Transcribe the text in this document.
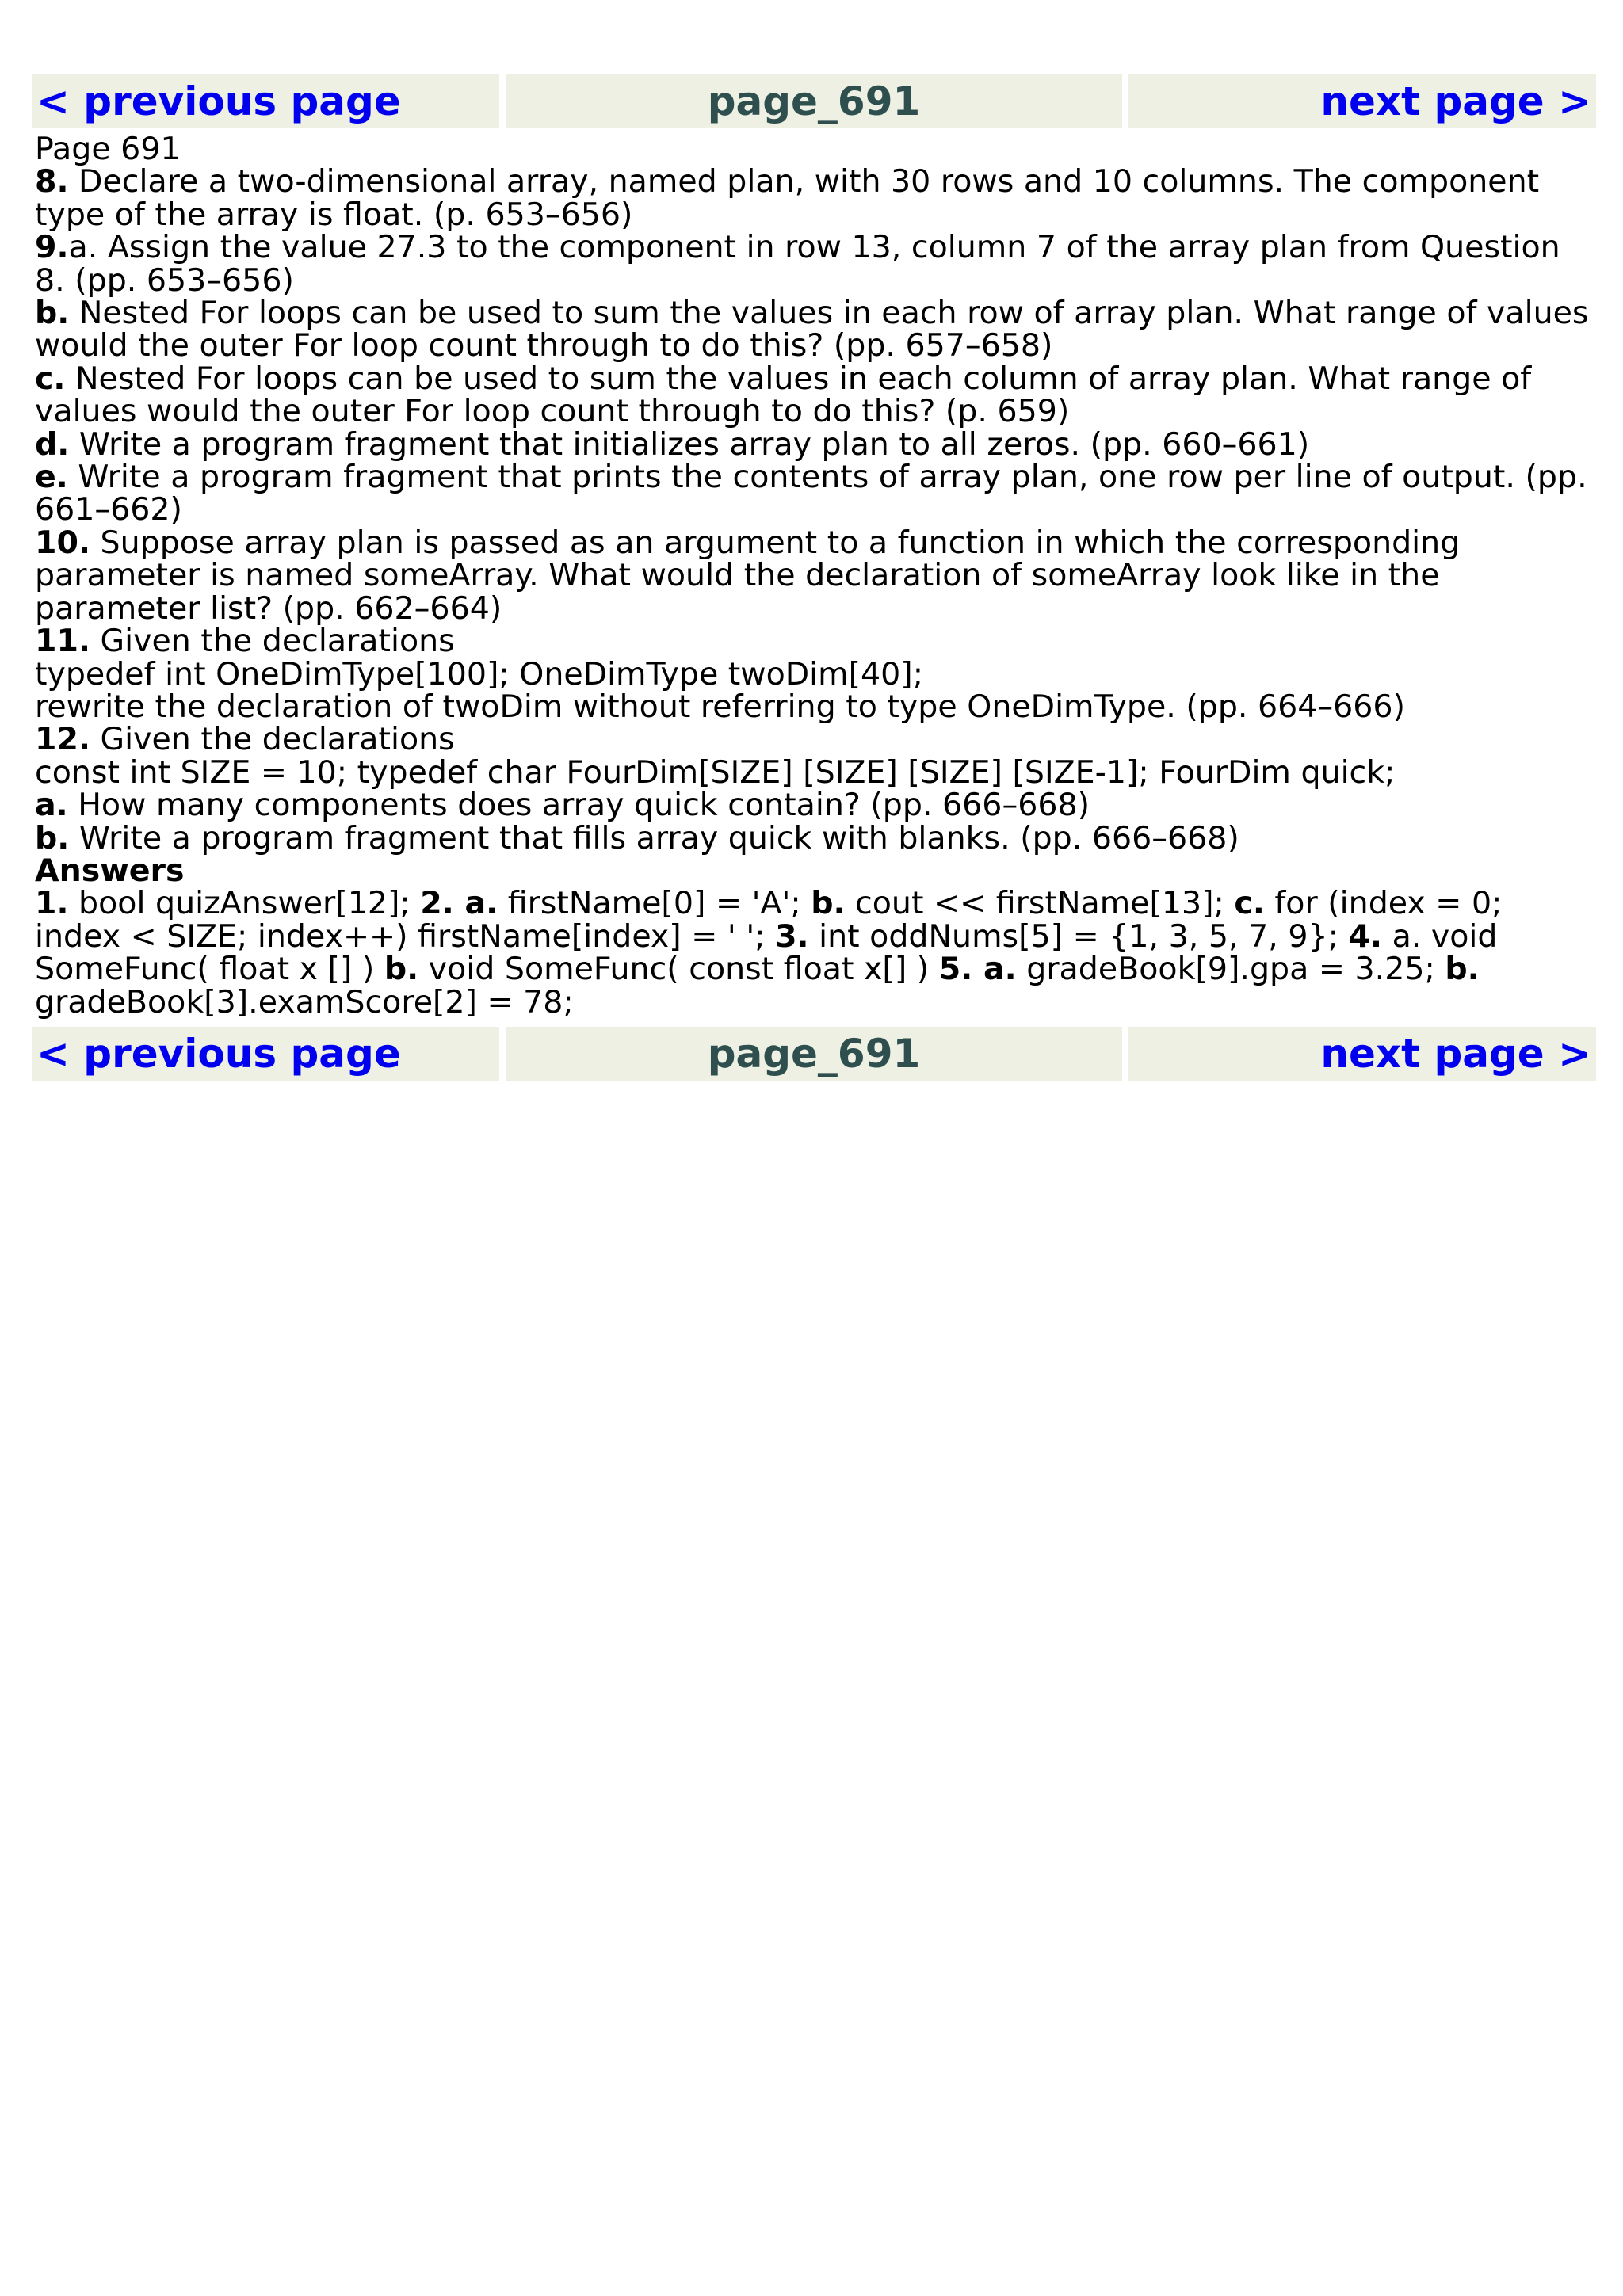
< previous page	page_691	next page >

Page 691

8. Declare a two-dimensional array, named plan, with 30 rows and 10 columns. The component type of the array is float. (p. 653–656)

9.a. Assign the value 27.3 to the component in row 13, column 7 of the array plan from Question 8. (pp. 653–656)

b. Nested For loops can be used to sum the values in each row of array plan. What range of values would the outer For loop count through to do this? (pp. 657–658)

c. Nested For loops can be used to sum the values in each column of array plan. What range of values would the outer For loop count through to do this? (p. 659)

d. Write a program fragment that initializes array plan to all zeros. (pp. 660–661)

e. Write a program fragment that prints the contents of array plan, one row per line of output. (pp. 661–662)

10. Suppose array plan is passed as an argument to a function in which the corresponding parameter is named someArray. What would the declaration of someArray look like in the parameter list? (pp. 662–664)

11. Given the declarations

typedef int OneDimType[100]; OneDimType twoDim[40];

rewrite the declaration of twoDim without referring to type OneDimType. (pp. 664–666)

12. Given the declarations

const int SIZE = 10; typedef char FourDim[SIZE] [SIZE] [SIZE] [SIZE-1]; FourDim quick;

a. How many components does array quick contain? (pp. 666–668)

b. Write a program fragment that fills array quick with blanks. (pp. 666–668)

Answers

1. bool quizAnswer[12]; 2. a. firstName[0] = 'A'; b. cout << firstName[13]; c. for (index = 0; index < SIZE; index++) firstName[index] = ' '; 3. int oddNums[5] = {1, 3, 5, 7, 9}; 4. a. void SomeFunc( float x [] ) b. void SomeFunc( const float x[] ) 5. a. gradeBook[9].gpa = 3.25; b. gradeBook[3].examScore[2] = 78;

< previous page	page_691	next page >
